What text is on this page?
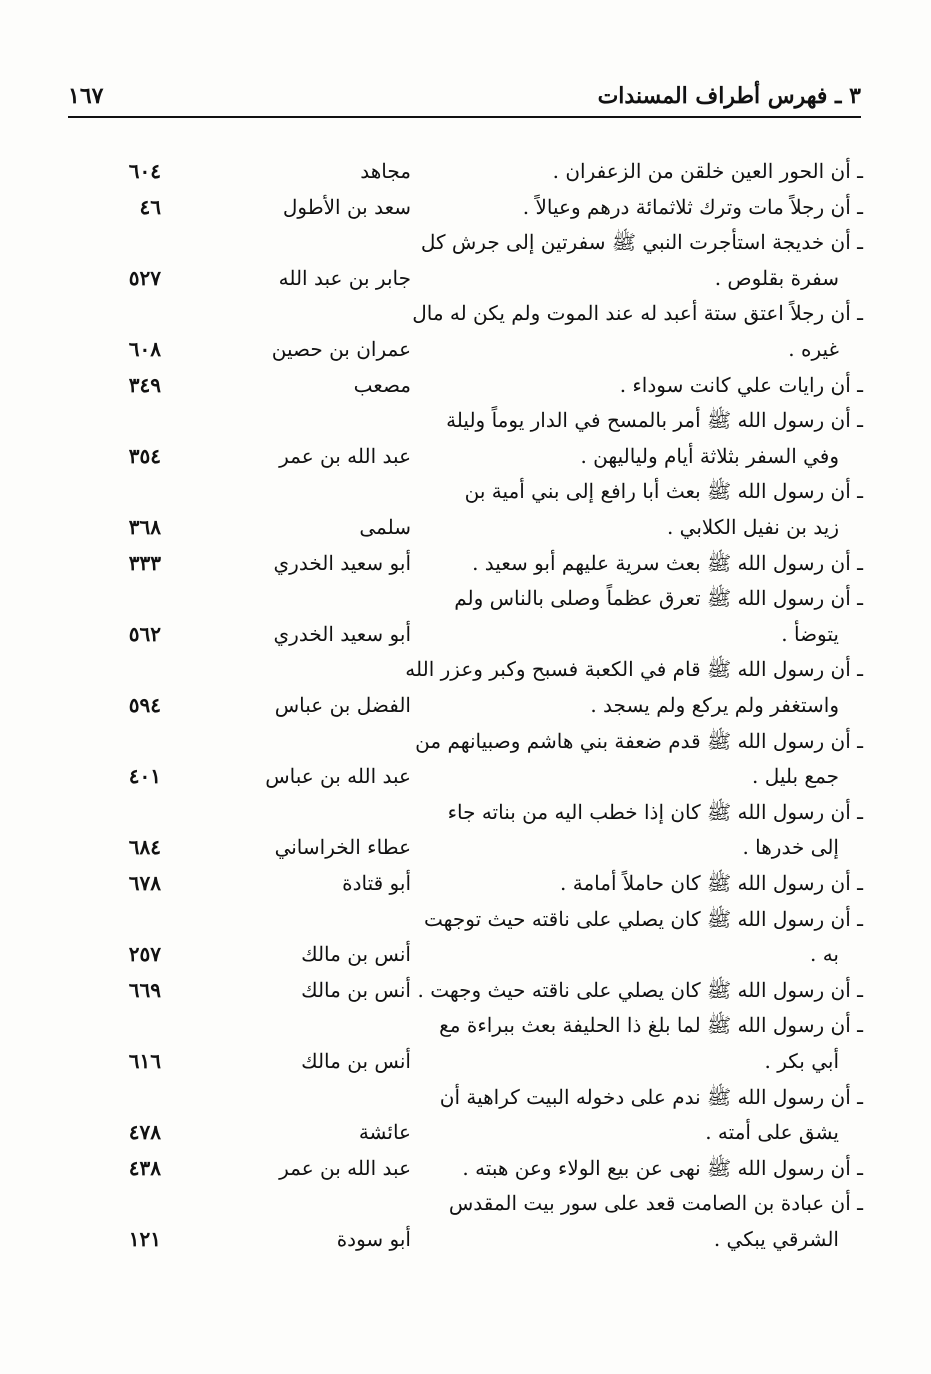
١٦٧	٣ ـ فهرس أطراف المسندات
ـ أن الحور العين خلقن من الزعفران .
مجاهد
٦٠٤
ـ أن رجلاً مات وترك ثلاثمائة درهم وعيالاً .
سعد بن الأطول
٤٦
ـ أن خديجة استأجرت النبي ﷺ سفرتين إلى جرش كل
سفرة بقلوص .
جابر بن عبد الله
٥٢٧
ـ أن رجلاً اعتق ستة أعبد له عند الموت ولم يكن له مال
غيره .
عمران بن حصين
٦٠٨
ـ أن رايات علي كانت سوداء .
مصعب
٣٤٩
ـ أن رسول الله ﷺ أمر بالمسح في الدار يوماً وليلة
وفي السفر بثلاثة أيام ولياليهن .
عبد الله بن عمر
٣٥٤
ـ أن رسول الله ﷺ بعث أبا رافع إلى بني أمية بن
زيد بن نفيل الكلابي .
سلمى
٣٦٨
ـ أن رسول الله ﷺ بعث سرية عليهم أبو سعيد .
أبو سعيد الخدري
٣٣٣
ـ أن رسول الله ﷺ تعرق عظماً وصلى بالناس ولم
يتوضأ .
أبو سعيد الخدري
٥٦٢
ـ أن رسول الله ﷺ قام في الكعبة فسبح وكبر وعزر الله
واستغفر ولم يركع ولم يسجد .
الفضل بن عباس
٥٩٤
ـ أن رسول الله ﷺ قدم ضعفة بني هاشم وصبيانهم من
جمع بليل .
عبد الله بن عباس
٤٠١
ـ أن رسول الله ﷺ كان إذا خطب اليه من بناته جاء
إلى خدرها .
عطاء الخراساني
٦٨٤
ـ أن رسول الله ﷺ كان حاملاً أمامة .
أبو قتادة
٦٧٨
ـ أن رسول الله ﷺ كان يصلي على ناقته حيث توجهت
به .
أنس بن مالك
٢٥٧
ـ أن رسول الله ﷺ كان يصلي على ناقته حيث وجهت .
أنس بن مالك
٦٦٩
ـ أن رسول الله ﷺ لما بلغ ذا الحليفة بعث ببراءة مع
أبي بكر .
أنس بن مالك
٦١٦
ـ أن رسول الله ﷺ ندم على دخوله البيت كراهية أن
يشق على أمته .
عائشة
٤٧٨
ـ أن رسول الله ﷺ نهى عن بيع الولاء وعن هبته .
عبد الله بن عمر
٤٣٨
ـ أن عبادة بن الصامت قعد على سور بيت المقدس
الشرقي يبكي .
أبو سودة
١٢١
